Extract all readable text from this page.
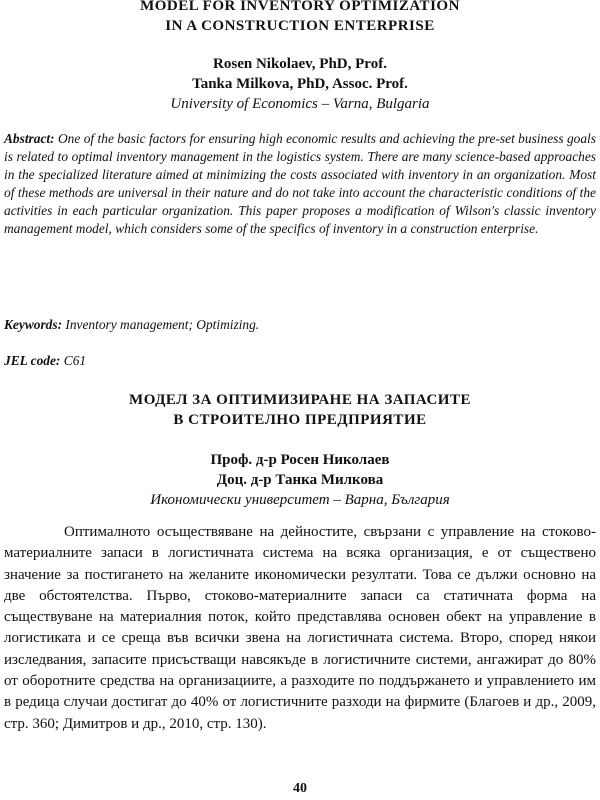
MODEL FOR INVENTORY OPTIMIZATION
IN A CONSTRUCTION ENTERPRISE
Rosen Nikolaev, PhD, Prof.
Tanka Milkova, PhD, Assoc. Prof.
University of Economics – Varna, Bulgaria

Abstract: One of the basic factors for ensuring high economic results and achieving the pre-set business goals is related to optimal inventory management in the logistics system. There are many science-based approaches in the specialized literature aimed at minimizing the costs associated with inventory in an organization. Most of these methods are universal in their nature and do not take into account the characteristic conditions of the activities in each particular organization. This paper proposes a modification of Wilson's classic inventory management model, which considers some of the specifics of inventory in a construction enterprise.

Keywords: Inventory management; Optimizing.

JEL code: C61

МОДЕЛ ЗА ОПТИМИЗИРАНЕ НА ЗАПАСИТЕ
В СТРОИТЕЛНО ПРЕДПРИЯТИЕ
Проф. д-р Росен Николаев
Доц. д-р Танка Милкова
Икономически университет – Варна, България

Оптималното осъществяване на дейностите, свързани с управление на стоково-материалните запаси в логистичната система на всяка организация, е от съществено значение за постигането на желаните икономически резултати. Това се дължи основно на две обстоятелства. Първо, стоково-материалните запаси са статичната форма на съществуване на материалния поток, който представлява основен обект на управление в логистиката и се среща във всички звена на логистичната система. Второ, според някои изследвания, запасите присъстващи навсякъде в логистичните системи, ангажират до 80% от оборотните средства на организациите, а разходите по поддържането и управлението им в редица случаи достигат до 40% от логистичните разходи на фирмите (Благоев и др., 2009, стр. 360; Димитров и др., 2010, стр. 130).

40
